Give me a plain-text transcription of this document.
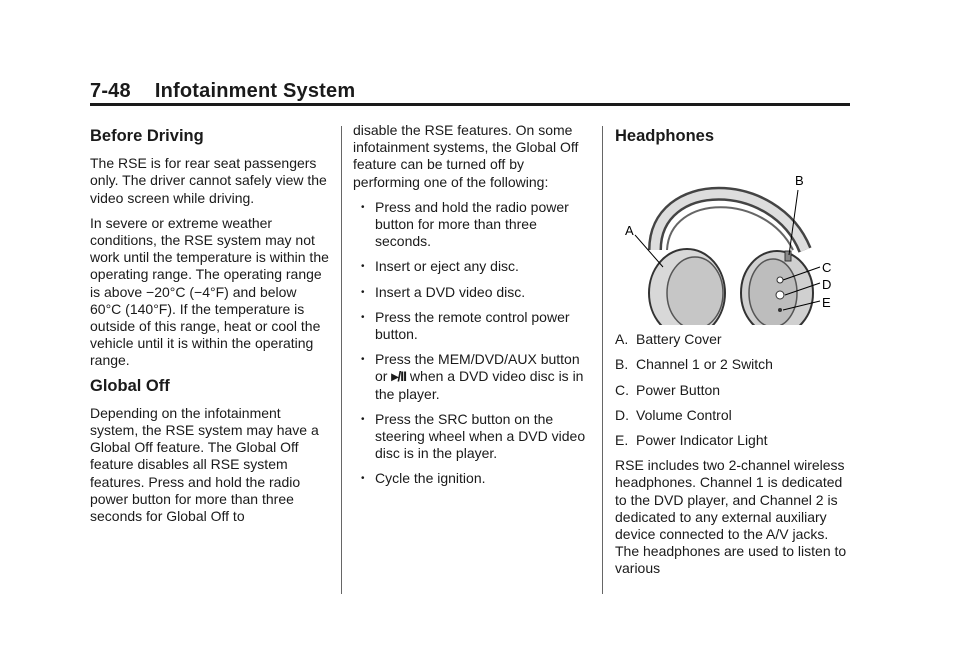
7-48 Infotainment System
Before Driving

The RSE is for rear seat passengers only. The driver cannot safely view the video screen while driving.

In severe or extreme weather conditions, the RSE system may not work until the temperature is within the operating range. The operating range is above −20°C (−4°F) and below 60°C (140°F). If the temperature is outside of this range, heat or cool the vehicle until it is within the operating range.

Global Off

Depending on the infotainment system, the RSE system may have a Global Off feature. The Global Off feature disables all RSE system features. Press and hold the radio power button for more than three seconds for Global Off to

disable the RSE features. On some infotainment systems, the Global Off feature can be turned off by performing one of the following:

• Press and hold the radio power button for more than three seconds.
• Insert or eject any disc.
• Insert a DVD video disc.
• Press the remote control power button.
• Press the MEM/DVD/AUX button or ▸/II when a DVD video disc is in the player.
• Press the SRC button on the steering wheel when a DVD video disc is in the player.
• Cycle the ignition.
Headphones
A
B
C
D
E

A. Battery Cover

B. Channel 1 or 2 Switch

C. Power Button

D. Volume Control

E. Power Indicator Light

RSE includes two 2-channel wireless headphones. Channel 1 is dedicated to the DVD player, and Channel 2 is dedicated to any external auxiliary device connected to the A/V jacks. The headphones are used to listen to various
